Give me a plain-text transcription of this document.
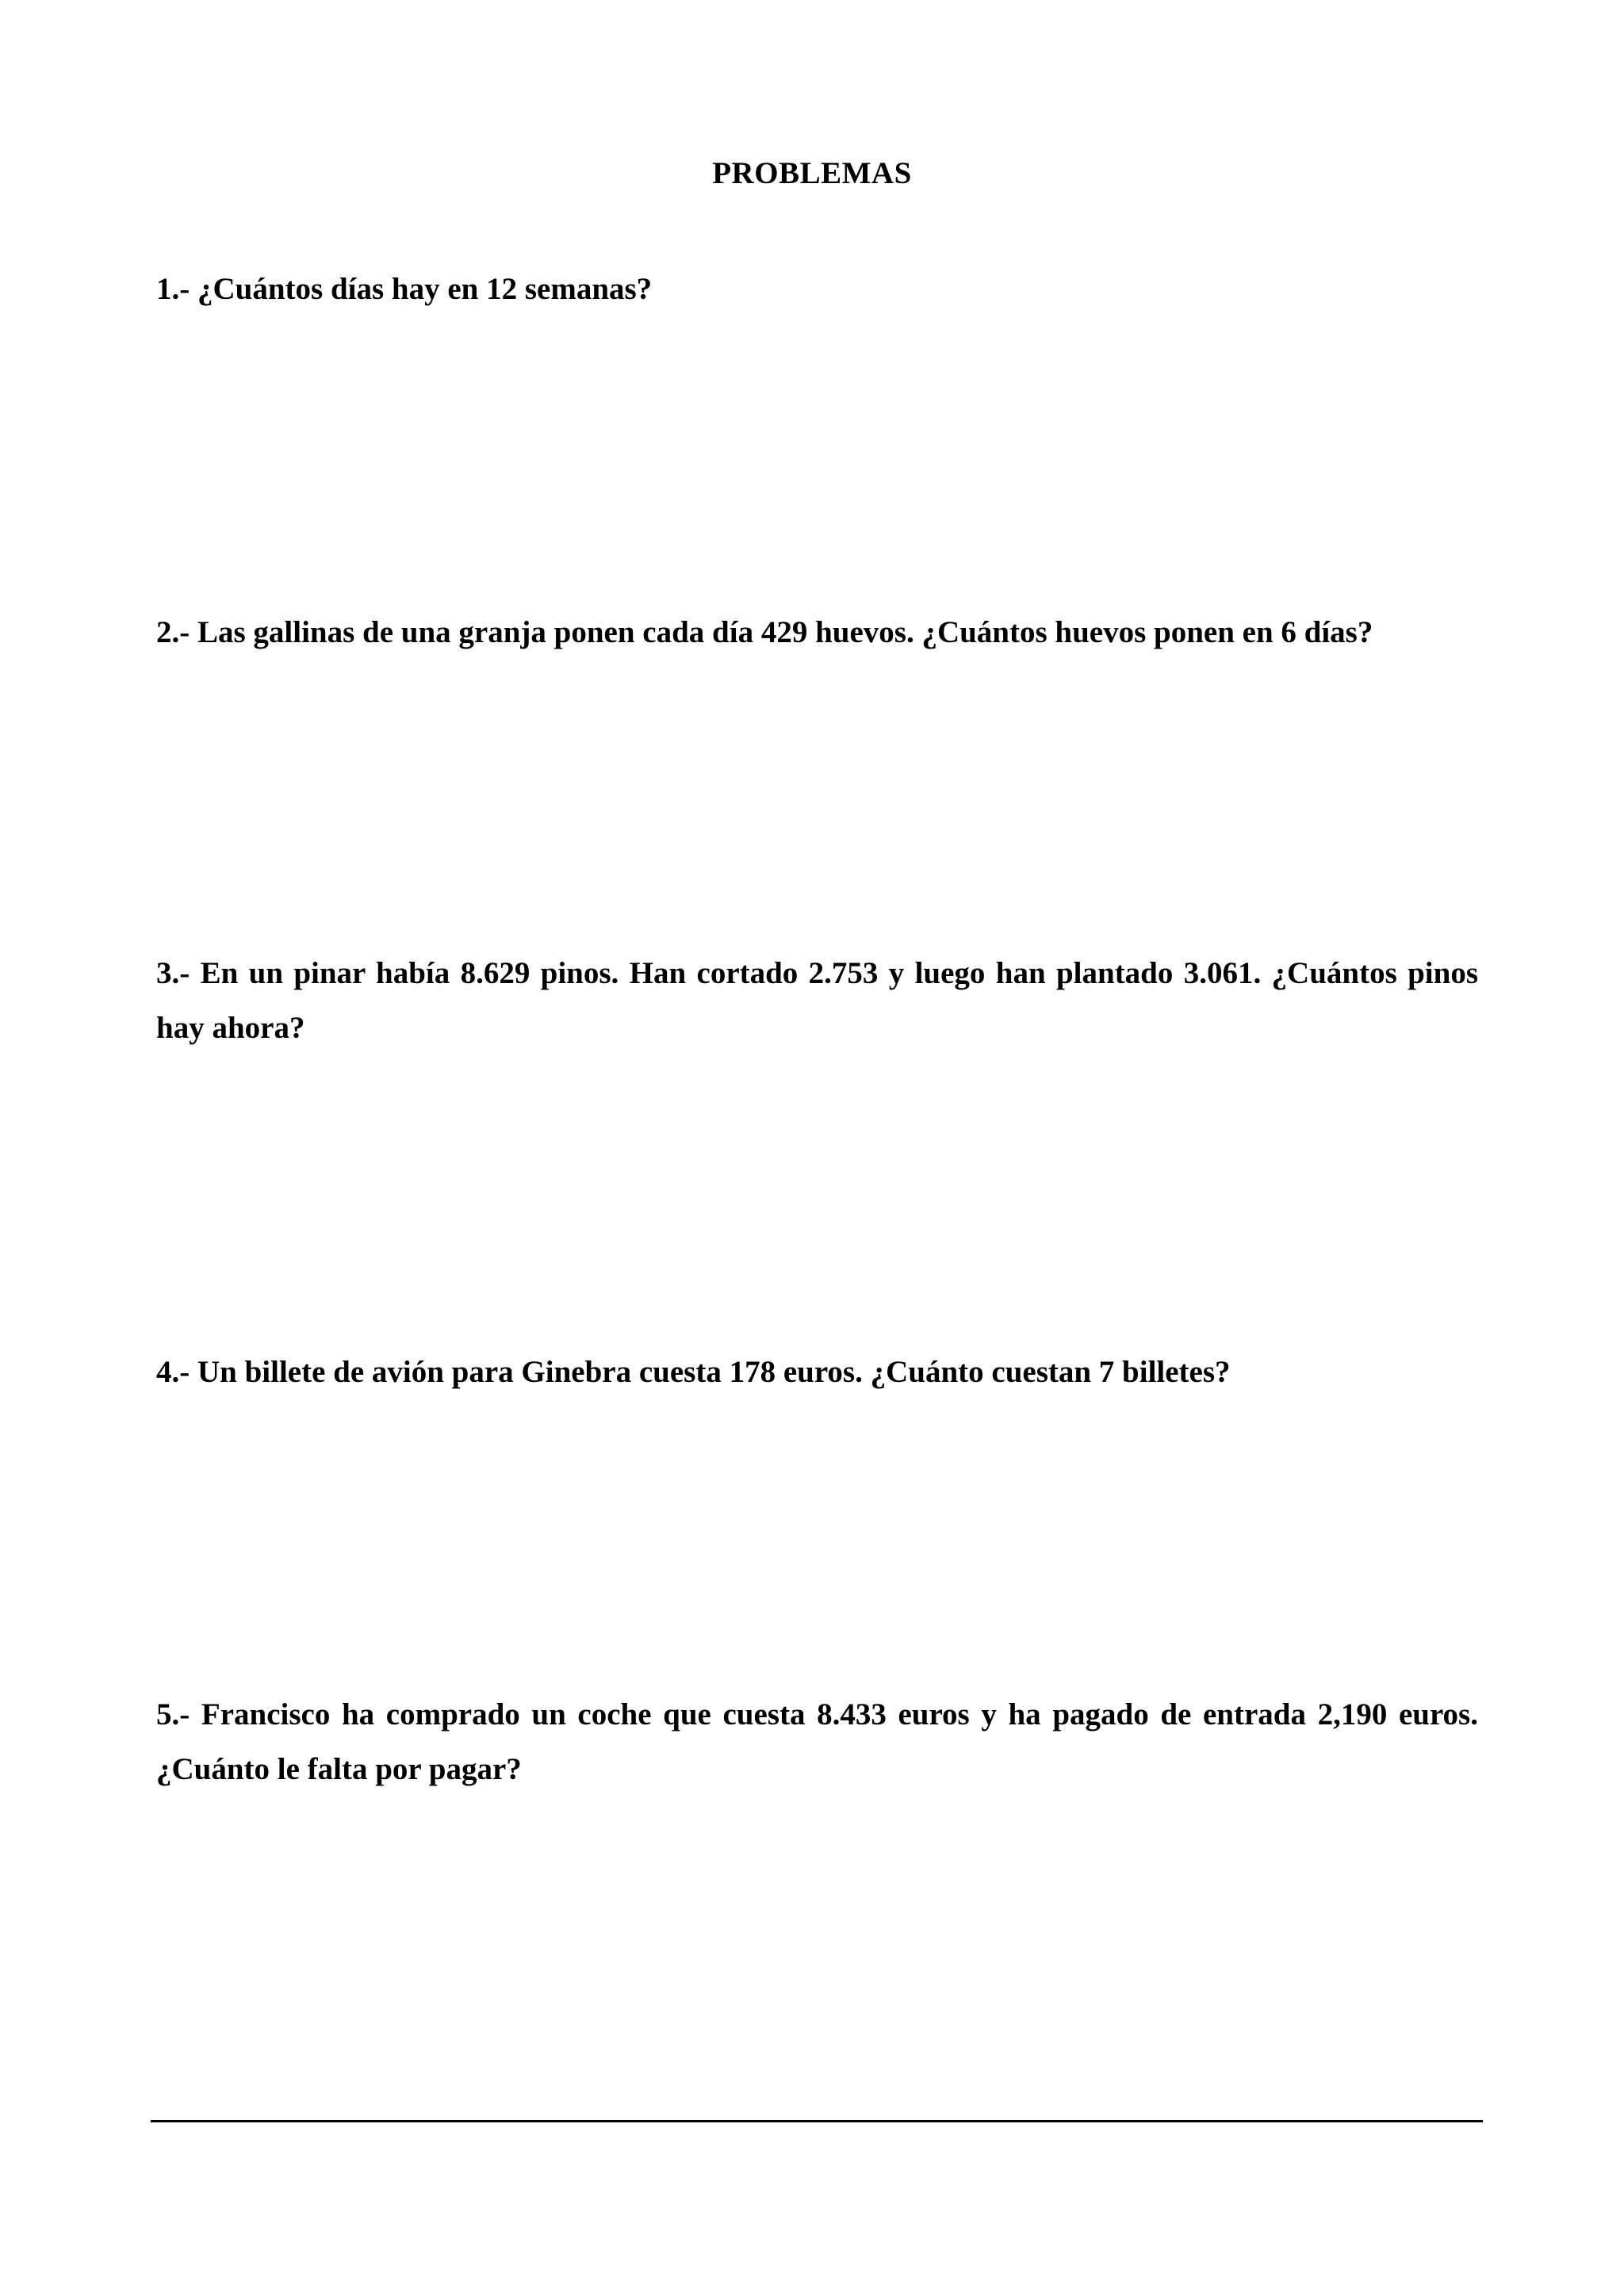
PROBLEMAS
1.- ¿Cuántos días hay en 12 semanas?
2.- Las gallinas de una granja ponen cada día 429 huevos. ¿Cuántos huevos ponen en 6 días?
3.- En un pinar había 8.629 pinos. Han cortado 2.753 y luego han plantado 3.061. ¿Cuántos pinos hay ahora?
4.- Un billete de avión para Ginebra cuesta 178 euros. ¿Cuánto cuestan 7 billetes?
5.- Francisco ha comprado un coche que cuesta 8.433 euros y ha pagado de entrada 2,190 euros. ¿Cuánto le falta por pagar?
